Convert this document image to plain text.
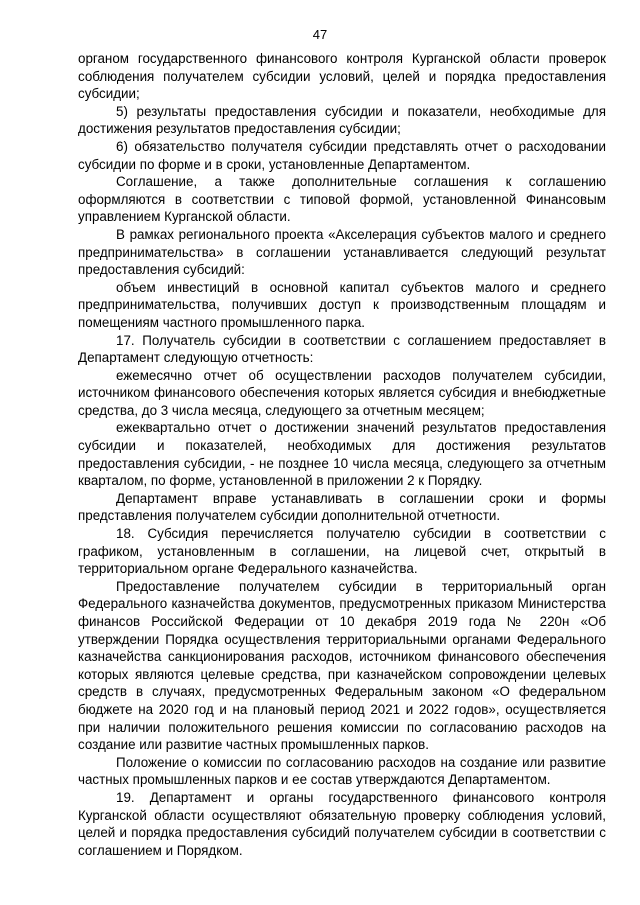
47

органом государственного финансового контроля Курганской области проверок соблюдения получателем субсидии условий, целей и порядка предоставления субсидии;

5) результаты предоставления субсидии и показатели, необходимые для достижения результатов предоставления субсидии;

6) обязательство получателя субсидии представлять отчет о расходовании субсидии по форме и в сроки, установленные Департаментом.

Соглашение, а также дополнительные соглашения к соглашению оформляются в соответствии с типовой формой, установленной Финансовым управлением Курганской области.

В рамках регионального проекта «Акселерация субъектов малого и среднего предпринимательства» в соглашении устанавливается следующий результат предоставления субсидий:

объем инвестиций в основной капитал субъектов малого и среднего предпринимательства, получивших доступ к производственным площадям и помещениям частного промышленного парка.

17. Получатель субсидии в соответствии с соглашением предоставляет в Департамент следующую отчетность:

ежемесячно отчет об осуществлении расходов получателем субсидии, источником финансового обеспечения которых является субсидия и внебюджетные средства, до 3 числа месяца, следующего за отчетным месяцем;

ежеквартально отчет о достижении значений результатов предоставления субсидии и показателей, необходимых для достижения результатов предоставления субсидии, - не позднее 10 числа месяца, следующего за отчетным кварталом, по форме, установленной в приложении 2 к Порядку.

Департамент вправе устанавливать в соглашении сроки и формы представления получателем субсидии дополнительной отчетности.

18. Субсидия перечисляется получателю субсидии в соответствии с графиком, установленным в соглашении, на лицевой счет, открытый в территориальном органе Федерального казначейства.

Предоставление получателем субсидии в территориальный орган Федерального казначейства документов, предусмотренных приказом Министерства финансов Российской Федерации от 10 декабря 2019 года № 220н «Об утверждении Порядка осуществления территориальными органами Федерального казначейства санкционирования расходов, источником финансового обеспечения которых являются целевые средства, при казначейском сопровождении целевых средств в случаях, предусмотренных Федеральным законом «О федеральном бюджете на 2020 год и на плановый период 2021 и 2022 годов», осуществляется при наличии положительного решения комиссии по согласованию расходов на создание или развитие частных промышленных парков.

Положение о комиссии по согласованию расходов на создание или развитие частных промышленных парков и ее состав утверждаются Департаментом.

19. Департамент и органы государственного финансового контроля Курганской области осуществляют обязательную проверку соблюдения условий, целей и порядка предоставления субсидий получателем субсидии в соответствии с соглашением и Порядком.
